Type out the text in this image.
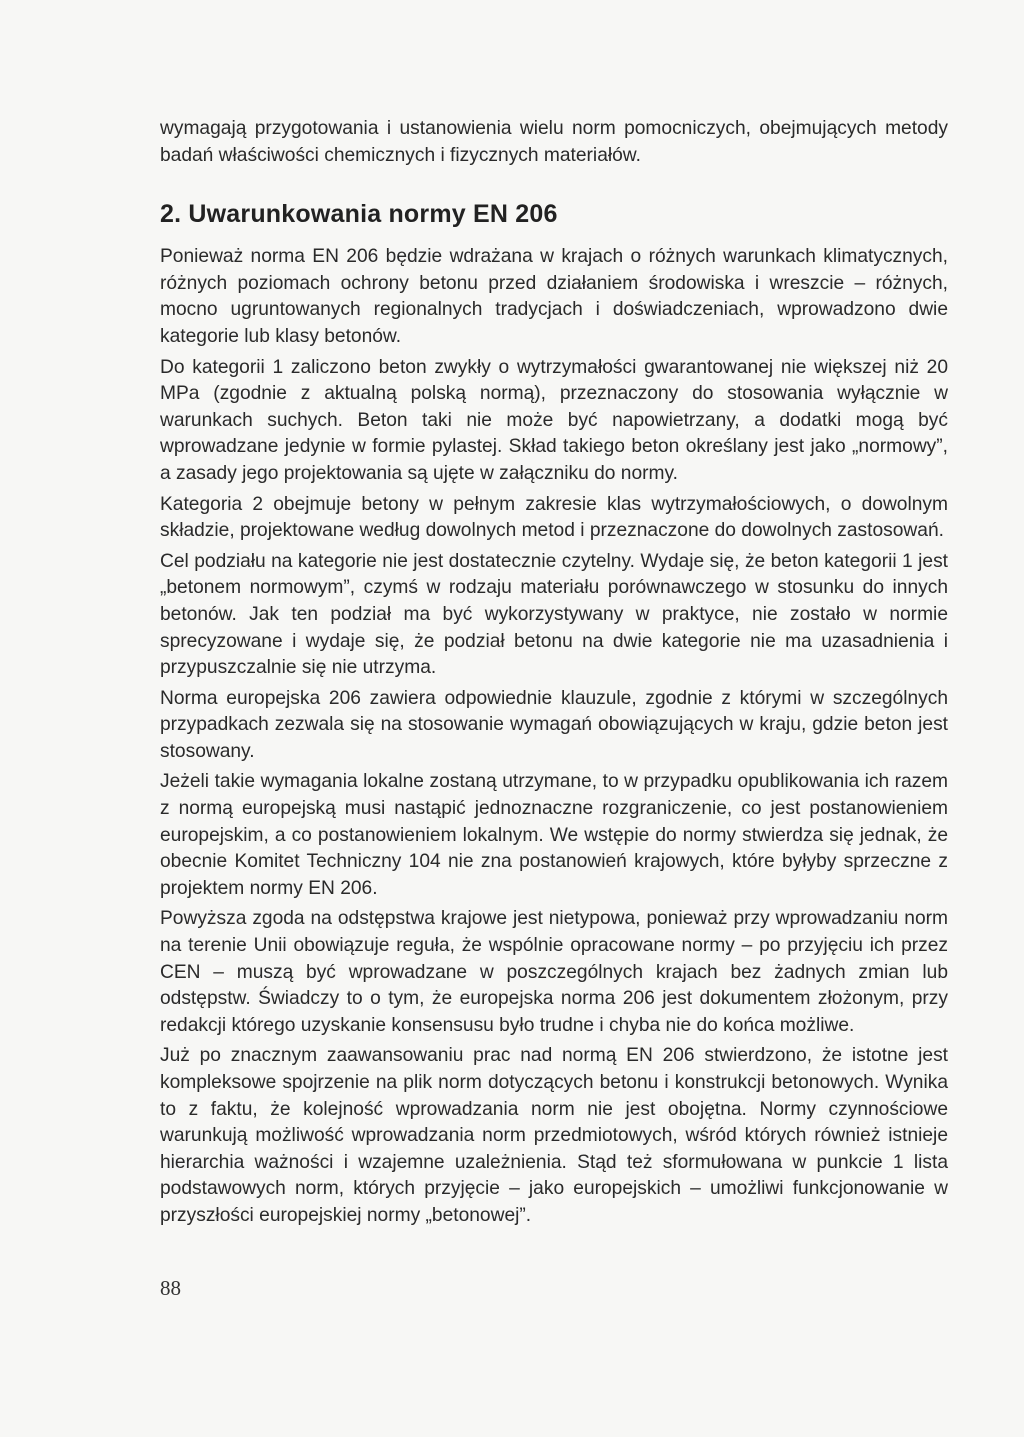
wymagają przygotowania i ustanowienia wielu norm pomocniczych, obejmujących metody badań właściwości chemicznych i fizycznych materiałów.

2. Uwarunkowania normy EN 206

Ponieważ norma EN 206 będzie wdrażana w krajach o różnych warunkach klimatycznych, różnych poziomach ochrony betonu przed działaniem środowiska i wreszcie – różnych, mocno ugruntowanych regionalnych tradycjach i doświadczeniach, wprowadzono dwie kategorie lub klasy betonów.

Do kategorii 1 zaliczono beton zwykły o wytrzymałości gwarantowanej nie większej niż 20 MPa (zgodnie z aktualną polską normą), przeznaczony do stosowania wyłącznie w warunkach suchych. Beton taki nie może być napowietrzany, a dodatki mogą być wprowadzane jedynie w formie pylastej. Skład takiego beton określany jest jako „normowy”, a zasady jego projektowania są ujęte w załączniku do normy.

Kategoria 2 obejmuje betony w pełnym zakresie klas wytrzymałościowych, o dowolnym składzie, projektowane według dowolnych metod i przeznaczone do dowolnych zastosowań.

Cel podziału na kategorie nie jest dostatecznie czytelny. Wydaje się, że beton kategorii 1 jest „betonem normowym”, czymś w rodzaju materiału porównawczego w stosunku do innych betonów. Jak ten podział ma być wykorzystywany w praktyce, nie zostało w normie sprecyzowane i wydaje się, że podział betonu na dwie kategorie nie ma uzasadnienia i przypuszczalnie się nie utrzyma.

Norma europejska 206 zawiera odpowiednie klauzule, zgodnie z którymi w szczególnych przypadkach zezwala się na stosowanie wymagań obowiązujących w kraju, gdzie beton jest stosowany.

Jeżeli takie wymagania lokalne zostaną utrzymane, to w przypadku opublikowania ich razem z normą europejską musi nastąpić jednoznaczne rozgraniczenie, co jest postanowieniem europejskim, a co postanowieniem lokalnym. We wstępie do normy stwierdza się jednak, że obecnie Komitet Techniczny 104 nie zna postanowień krajowych, które byłyby sprzeczne z projektem normy EN 206.

Powyższa zgoda na odstępstwa krajowe jest nietypowa, ponieważ przy wprowadzaniu norm na terenie Unii obowiązuje reguła, że wspólnie opracowane normy – po przyjęciu ich przez CEN – muszą być wprowadzane w poszczególnych krajach bez żadnych zmian lub odstępstw. Świadczy to o tym, że europejska norma 206 jest dokumentem złożonym, przy redakcji którego uzyskanie konsensusu było trudne i chyba nie do końca możliwe.

Już po znacznym zaawansowaniu prac nad normą EN 206 stwierdzono, że istotne jest kompleksowe spojrzenie na plik norm dotyczących betonu i konstrukcji betonowych. Wynika to z faktu, że kolejność wprowadzania norm nie jest obojętna. Normy czynnościowe warunkują możliwość wprowadzania norm przedmiotowych, wśród których również istnieje hierarchia ważności i wzajemne uzależnienia. Stąd też sformułowana w punkcie 1 lista podstawowych norm, których przyjęcie – jako europejskich – umożliwi funkcjonowanie w przyszłości europejskiej normy „betonowej”.

88
